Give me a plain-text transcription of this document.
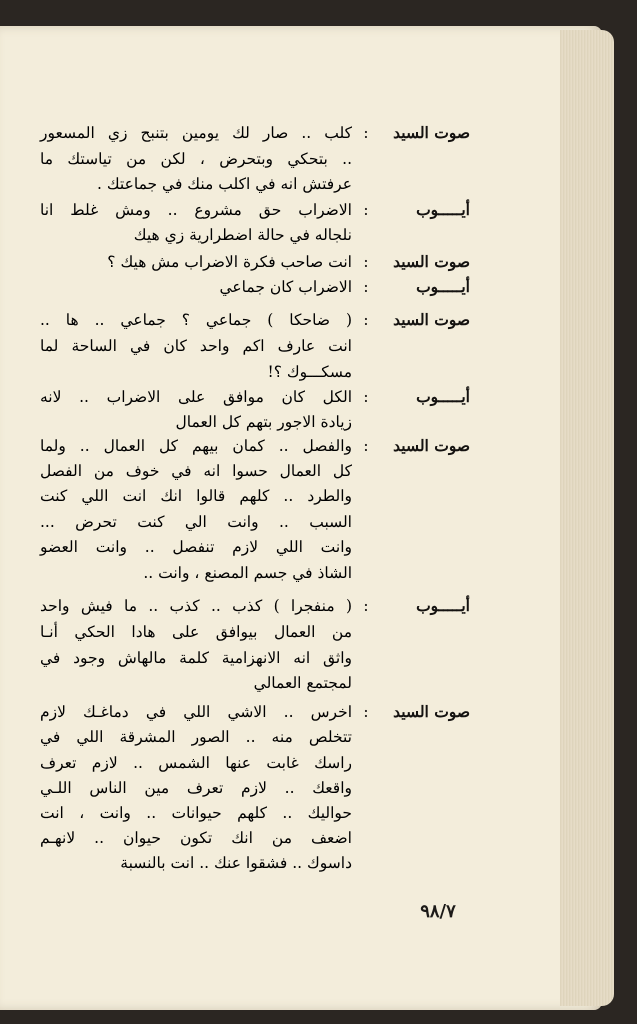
صوت السيد
:
كلب .. صار لك يومين بتنبح زي المسعور
.. بتحكي وبتحرض ، لكن من تياستك ما
عرفتش انه في اكلب منك في جماعتك .
أيـــــوب
:
الاضراب حق مشروع .. ومش غلط انا
نلجاله في حالة اضطرارية زي هيك
صوت السيد
:
انت صاحب فكرة الاضراب مش هيك ؟
أيـــــوب
:
الاضراب كان جماعي
صوت السيد
:
( ضاحكا ) جماعي ؟ جماعي .. ها ..
انت عارف اكم واحد كان في الساحة لما
مسكـــوك ؟!
أيـــــوب
:
الكل كان موافق على الاضراب .. لانه
زيادة الاجور بتهم كل العمال
صوت السيد
:
والفصل .. كمان بيهم كل العمال .. ولما
كل العمال حسوا انه في خوف من الفصل
والطرد .. كلهم قالوا انك انت اللي كنت
السبب .. وانت الي كنت تحرض ...
وانت اللي لازم تنفصل .. وانت العضو
الشاذ في جسم المصنع ، وانت ..
أيـــــوب
:
( منفجرا ) كذب .. كذب .. ما فيش واحد
من العمال بيوافق على هادا الحكي أنـا
واثق انه الانهزامية كلمة مالهاش وجود في
لمجتمع العمالي
صوت السيد
:
اخرس .. الاشي اللي في دماغـك لازم
تتخلص منه .. الصور المشرقة اللي في
راسك غابت عنها الشمس .. لازم تعرف
واقعك .. لازم تعرف مين الناس اللـي
حواليك .. كلهم حيوانات .. وانت ، انت
اضعف من انك تكون حيوان .. لانهـم
داسوك .. فشقوا عنك .. انت بالنسبة
٩٨/٧
